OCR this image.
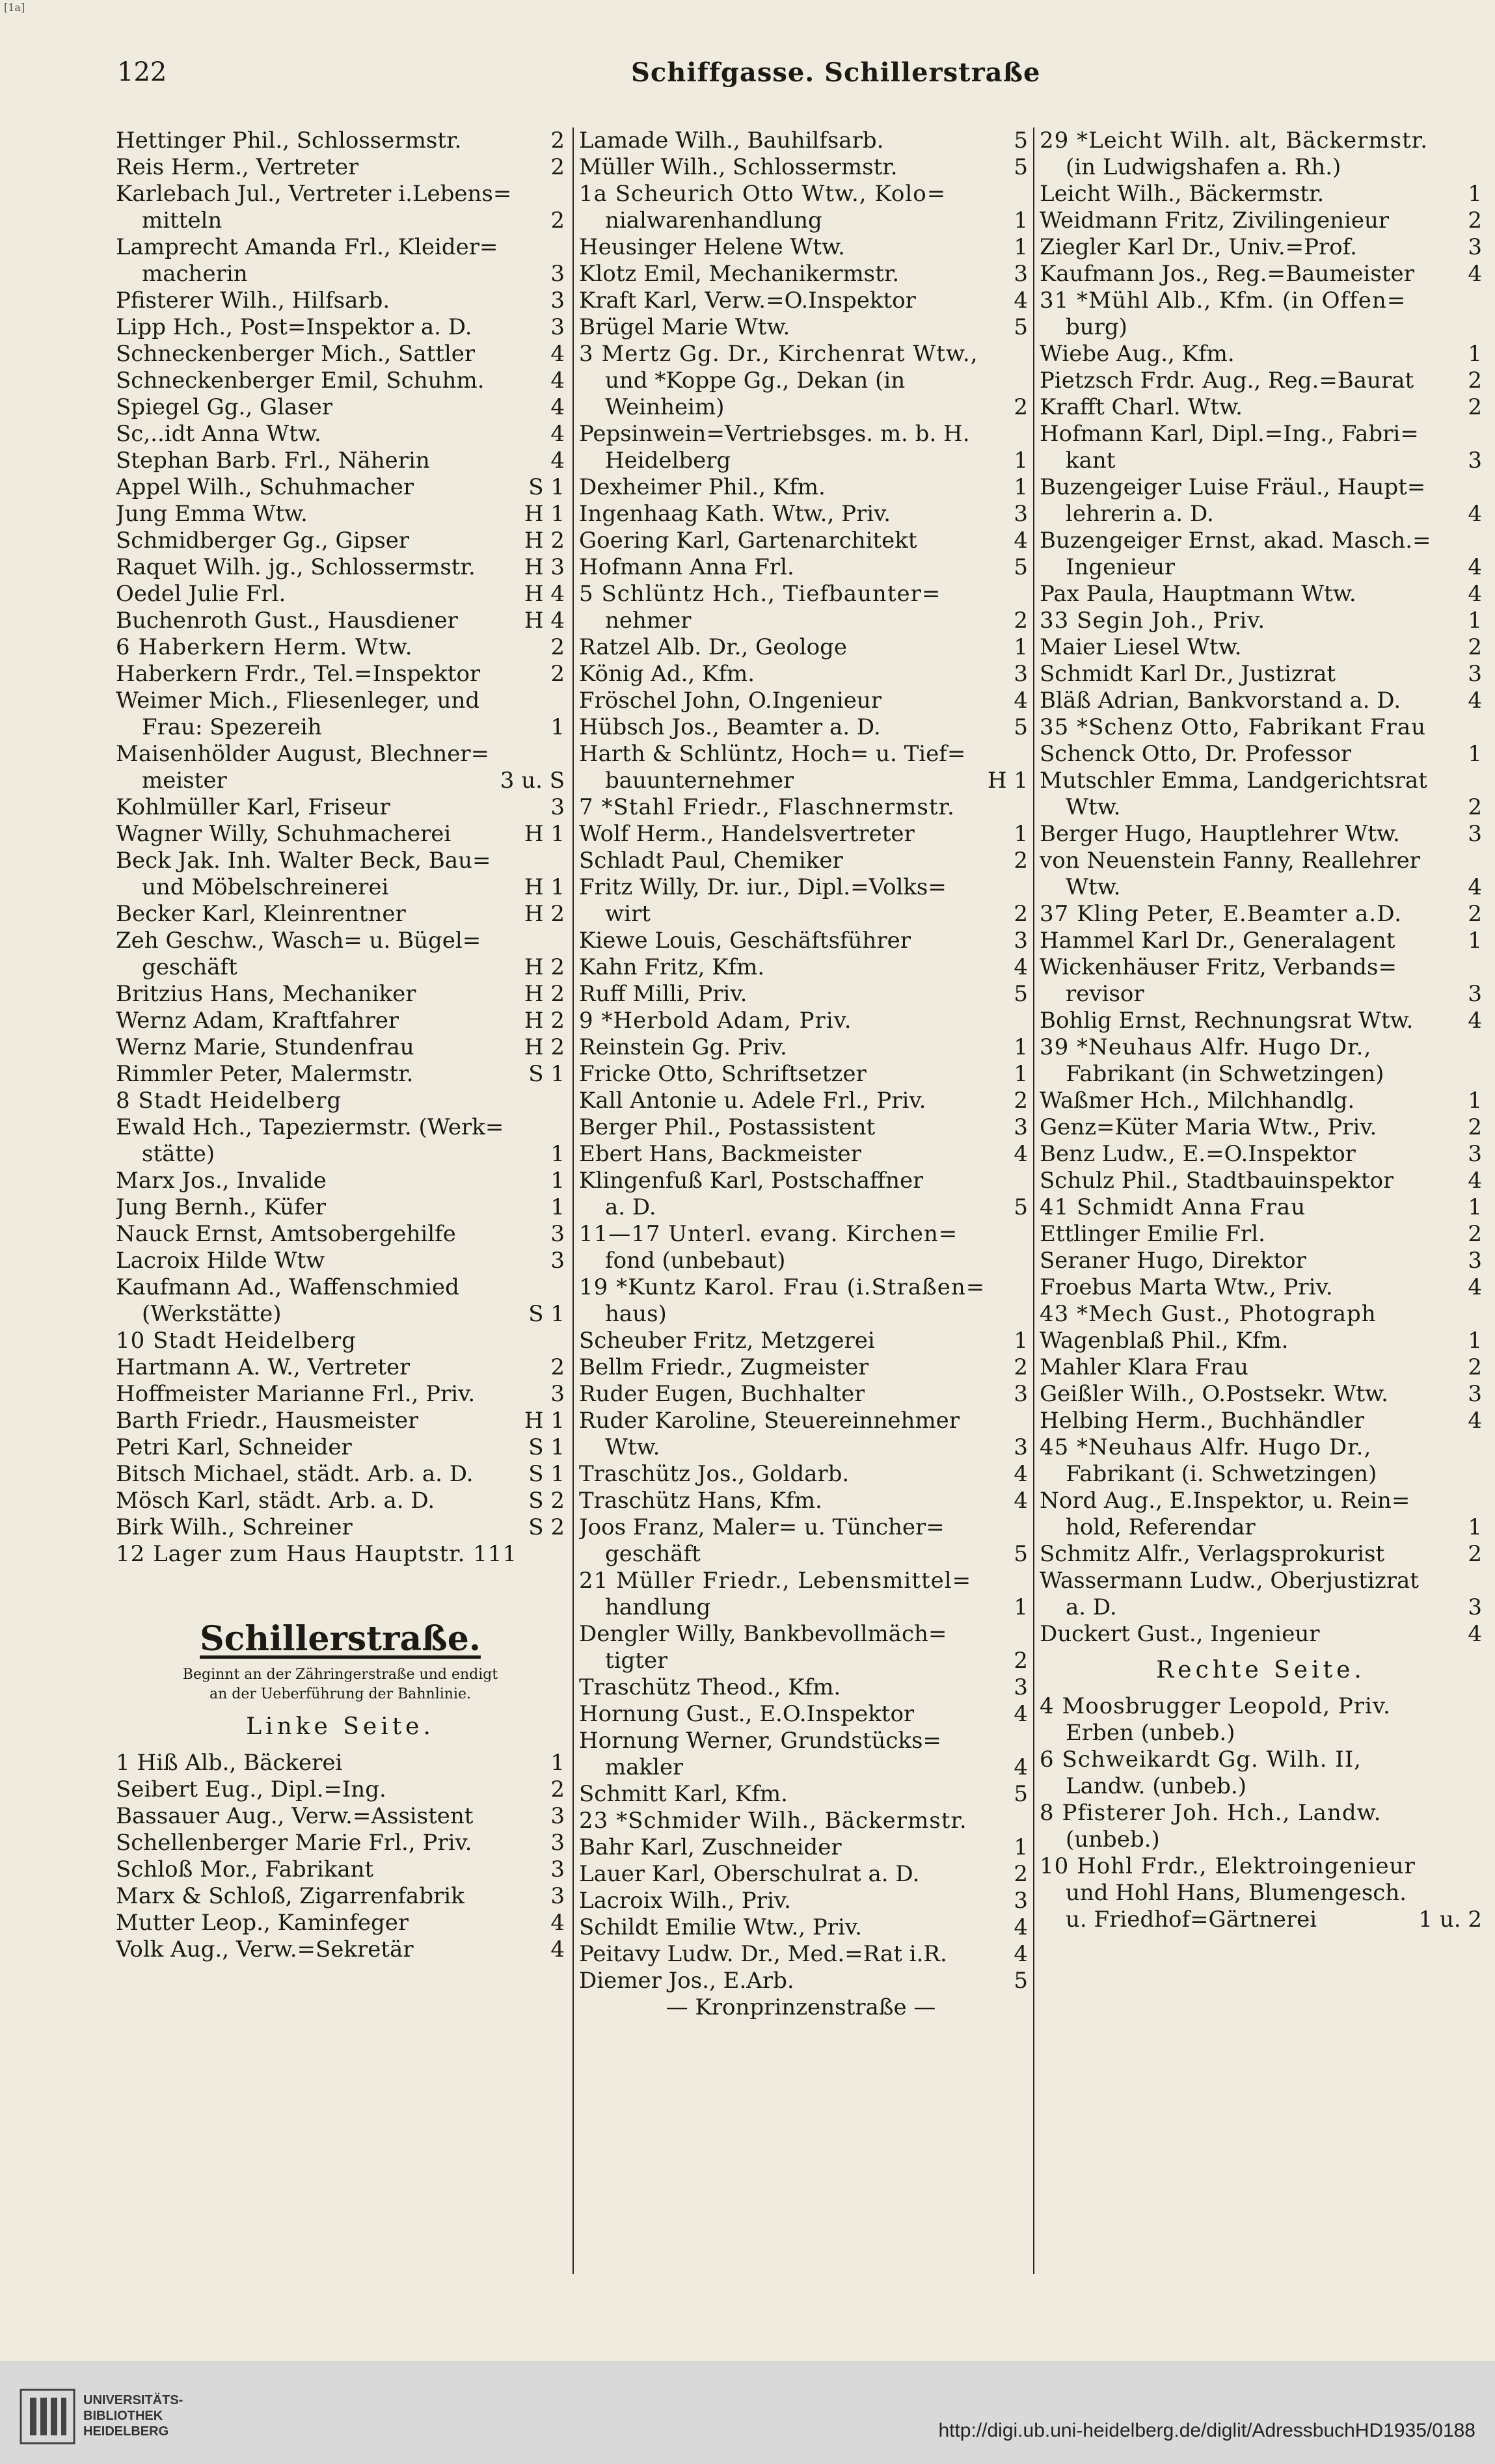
[1a]
122	Schiffgasse. Schillerstraße
Hettinger Phil., Schlossermstr.	2
Reis Herm., Vertreter	2
Karlebach Jul., Vertreter i.Lebens=
mitteln	2
Lamprecht Amanda Frl., Kleider=
macherin	3
Pfisterer Wilh., Hilfsarb.	3
Lipp Hch., Post=Inspektor a. D.	3
Schneckenberger Mich., Sattler	4
Schneckenberger Emil, Schuhm.	4
Spiegel Gg., Glaser	4
Sc,..idt Anna Wtw.	4
Stephan Barb. Frl., Näherin	4
Appel Wilh., Schuhmacher	S 1
Jung Emma Wtw.	H 1
Schmidberger Gg., Gipser	H 2
Raquet Wilh. jg., Schlossermstr. H 3
Oedel Julie Frl.	H 4
Buchenroth Gust., Hausdiener	H 4
6 Haberkern Herm. Wtw.	2
Haberkern Frdr., Tel.=Inspektor	2
Weimer Mich., Fliesenleger, und
Frau: Spezereih	1
Maisenhölder August, Blechner=
meister	3 u. S
Kohlmüller Karl, Friseur	3
Wagner Willy, Schuhmacherei	H 1
Beck Jak. Inh. Walter Beck, Bau=
und Möbelschreinerei	H 1
Becker Karl, Kleinrentner	H 2
Zeh Geschw., Wasch= u. Bügel=
geschäft	H 2
Britzius Hans, Mechaniker	H 2
Wernz Adam, Kraftfahrer	H 2
Wernz Marie, Stundenfrau	H 2
Rimmler Peter, Malermstr.	S 1
8 Stadt Heidelberg
Ewald Hch., Tapeziermstr. (Werk=
stätte)	1
Marx Jos., Invalide	1
Jung Bernh., Küfer	1
Nauck Ernst, Amtsobergehilfe	3
Lacroix Hilde Wtw	3
Kaufmann Ad., Waffenschmied
(Werkstätte)	S 1
10 Stadt Heidelberg
Hartmann A. W., Vertreter	2
Hoffmeister Marianne Frl., Priv.	3
Barth Friedr., Hausmeister	H 1
Petri Karl, Schneider	S 1
Bitsch Michael, städt. Arb. a. D. S 1
Mösch Karl, städt. Arb. a. D.	S 2
Birk Wilh., Schreiner	S 2
12 Lager zum Haus Hauptstr. 111
Schillerstraße.
Beginnt an der Zähringerstraße und endigt
an der Ueberführung der Bahnlinie.
Linke Seite.
1 Hiß Alb., Bäckerei	1
Seibert Eug., Dipl.=Ing.	2
Bassauer Aug., Verw.=Assistent	3
Schellenberger Marie Frl., Priv.	3
Schloß Mor., Fabrikant	3
Marx & Schloß, Zigarrenfabrik	3
Mutter Leop., Kaminfeger	4
Volk Aug., Verw.=Sekretär	4
Lamade Wilh., Bauhilfsarb.	5
Müller Wilh., Schlossermstr.	5
1a Scheurich Otto Wtw., Kolo=
nialwarenhandlung	1
Heusinger Helene Wtw.	1
Klotz Emil, Mechanikermstr.	3
Kraft Karl, Verw.=O.Inspektor	4
Brügel Marie Wtw.	5
3 Mertz Gg. Dr., Kirchenrat Wtw.,
und *Koppe Gg., Dekan (in
Weinheim)	2
Pepsinwein=Vertriebsges. m. b. H.
Heidelberg	1
Dexheimer Phil., Kfm.	1
Ingenhaag Kath. Wtw., Priv.	3
Goering Karl, Gartenarchitekt	4
Hofmann Anna Frl.	5
5 Schlüntz Hch., Tiefbaunter=
nehmer	2
Ratzel Alb. Dr., Geologe	1
König Ad., Kfm.	3
Fröschel John, O.Ingenieur	4
Hübsch Jos., Beamter a. D.	5
Harth & Schlüntz, Hoch= u. Tief=
bauunternehmer	H 1
7 *Stahl Friedr., Flaschnermstr.
Wolf Herm., Handelsvertreter	1
Schladt Paul, Chemiker	2
Fritz Willy, Dr. iur., Dipl.=Volks=
wirt	2
Kiewe Louis, Geschäftsführer	3
Kahn Fritz, Kfm.	4
Ruff Milli, Priv.	5
9 *Herbold Adam, Priv.
Reinstein Gg. Priv.	1
Fricke Otto, Schriftsetzer	1
Kall Antonie u. Adele Frl., Priv.	2
Berger Phil., Postassistent	3
Ebert Hans, Backmeister	4
Klingenfuß Karl, Postschaffner
a. D.	5
11—17 Unterl. evang. Kirchen=
fond (unbebaut)
19 *Kuntz Karol. Frau (i.Straßen=
haus)
Scheuber Fritz, Metzgerei	1
Bellm Friedr., Zugmeister	2
Ruder Eugen, Buchhalter	3
Ruder Karoline, Steuereinnehmer
Wtw.	3
Traschütz Jos., Goldarb.	4
Traschütz Hans, Kfm.	4
Joos Franz, Maler= u. Tüncher=
geschäft	5
21 Müller Friedr., Lebensmittel=
handlung	1
Dengler Willy, Bankbevollmäch=
tigter	2
Traschütz Theod., Kfm.	3
Hornung Gust., E.O.Inspektor	4
Hornung Werner, Grundstücks=
makler	4
Schmitt Karl, Kfm.	5
23 *Schmider Wilh., Bäckermstr.
Bahr Karl, Zuschneider	1
Lauer Karl, Oberschulrat a. D.	2
Lacroix Wilh., Priv.	3
Schildt Emilie Wtw., Priv.	4
Peitavy Ludw. Dr., Med.=Rat i.R.	4
Diemer Jos., E.Arb.	5
— Kronprinzenstraße —
29 *Leicht Wilh. alt, Bäckermstr.
(in Ludwigshafen a. Rh.)
Leicht Wilh., Bäckermstr.	1
Weidmann Fritz, Zivilingenieur	2
Ziegler Karl Dr., Univ.=Prof.	3
Kaufmann Jos., Reg.=Baumeister 4
31 *Mühl Alb., Kfm. (in Offen=
burg)
Wiebe Aug., Kfm.	1
Pietzsch Frdr. Aug., Reg.=Baurat 2
Krafft Charl. Wtw.	2
Hofmann Karl, Dipl.=Ing., Fabri=
kant	3
Buzengeiger Luise Fräul., Haupt=
lehrerin a. D.	4
Buzengeiger Ernst, akad. Masch.=
Ingenieur	4
Pax Paula, Hauptmann Wtw.	4
33 Segin Joh., Priv.	1
Maier Liesel Wtw.	2
Schmidt Karl Dr., Justizrat	3
Bläß Adrian, Bankvorstand a. D.	4
35 *Schenz Otto, Fabrikant Frau
Schenck Otto, Dr. Professor	1
Mutschler Emma, Landgerichtsrat
Wtw.	2
Berger Hugo, Hauptlehrer Wtw.	3
von Neuenstein Fanny, Reallehrer
Wtw.	4
37 Kling Peter, E.Beamter a.D.	2
Hammel Karl Dr., Generalagent	1
Wickenhäuser Fritz, Verbands=
revisor	3
Bohlig Ernst, Rechnungsrat Wtw. 4
39 *Neuhaus Alfr. Hugo Dr.,
Fabrikant (in Schwetzingen)
Waßmer Hch., Milchhandlg.	1
Genz=Küter Maria Wtw., Priv.	2
Benz Ludw., E.=O.Inspektor	3
Schulz Phil., Stadtbauinspektor	4
41 Schmidt Anna Frau	1
Ettlinger Emilie Frl.	2
Seraner Hugo, Direktor	3
Froebus Marta Wtw., Priv.	4
43 *Mech Gust., Photograph
Wagenblaß Phil., Kfm.	1
Mahler Klara Frau	2
Geißler Wilh., O.Postsekr. Wtw.	3
Helbing Herm., Buchhändler	4
45 *Neuhaus Alfr. Hugo Dr.,
Fabrikant (i. Schwetzingen)
Nord Aug., E.Inspektor, u. Rein=
hold, Referendar	1
Schmitz Alfr., Verlagsprokurist	2
Wassermann Ludw., Oberjustizrat
a. D.	3
Duckert Gust., Ingenieur	4
Rechte Seite.
4 Moosbrugger Leopold, Priv.
Erben (unbeb.)
6 Schweikardt Gg. Wilh. II,
Landw. (unbeb.)
8 Pfisterer Joh. Hch., Landw.
(unbeb.)
10 Hohl Frdr., Elektroingenieur
und Hohl Hans, Blumengesch.
u. Friedhof=Gärtnerei	1 u. 2
UNIVERSITÄTS-
BIBLIOTHEK
HEIDELBERG	http://digi.ub.uni-heidelberg.de/diglit/AdressbuchHD1935/0188
